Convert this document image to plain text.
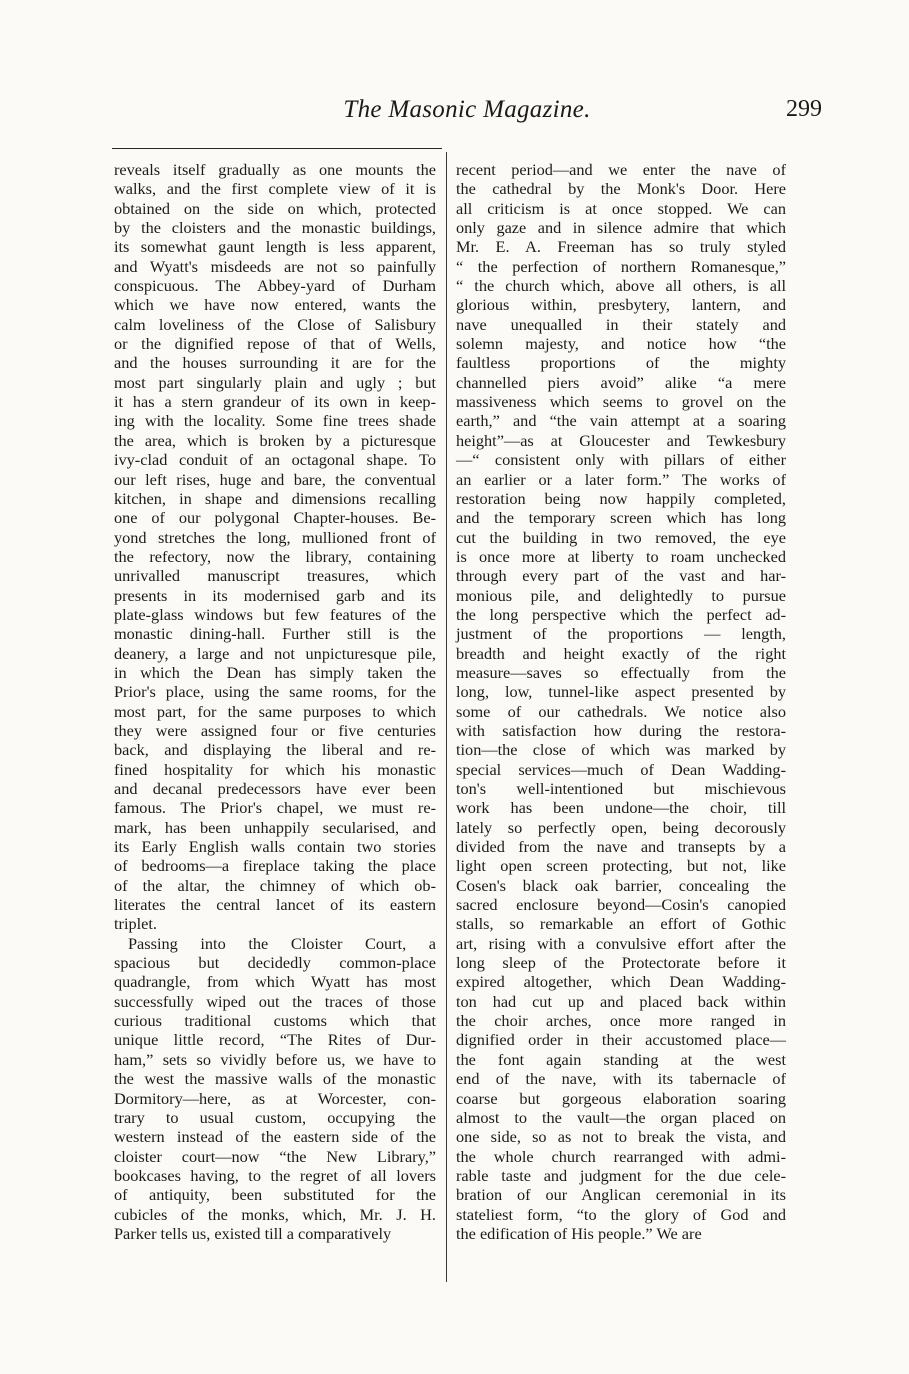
The Masonic Magazine.	299
reveals itself gradually as one mounts the
walks, and the first complete view of it is
obtained on the side on which, protected
by the cloisters and the monastic buildings,
its somewhat gaunt length is less apparent,
and Wyatt's misdeeds are not so painfully
conspicuous. The Abbey-yard of Durham
which we have now entered, wants the
calm loveliness of the Close of Salisbury
or the dignified repose of that of Wells,
and the houses surrounding it are for the
most part singularly plain and ugly ; but
it has a stern grandeur of its own in keep-
ing with the locality. Some fine trees shade
the area, which is broken by a picturesque
ivy-clad conduit of an octagonal shape. To
our left rises, huge and bare, the conventual
kitchen, in shape and dimensions recalling
one of our polygonal Chapter-houses. Be-
yond stretches the long, mullioned front of
the refectory, now the library, containing
unrivalled manuscript treasures, which
presents in its modernised garb and its
plate-glass windows but few features of the
monastic dining-hall. Further still is the
deanery, a large and not unpicturesque pile,
in which the Dean has simply taken the
Prior's place, using the same rooms, for the
most part, for the same purposes to which
they were assigned four or five centuries
back, and displaying the liberal and re-
fined hospitality for which his monastic
and decanal predecessors have ever been
famous. The Prior's chapel, we must re-
mark, has been unhappily secularised, and
its Early English walls contain two stories
of bedrooms—a fireplace taking the place
of the altar, the chimney of which ob-
literates the central lancet of its eastern
triplet.
Passing into the Cloister Court, a
spacious but decidedly common-place
quadrangle, from which Wyatt has most
successfully wiped out the traces of those
curious traditional customs which that
unique little record, “The Rites of Dur-
ham,” sets so vividly before us, we have to
the west the massive walls of the monastic
Dormitory—here, as at Worcester, con-
trary to usual custom, occupying the
western instead of the eastern side of the
cloister court—now “the New Library,”
bookcases having, to the regret of all lovers
of antiquity, been substituted for the
cubicles of the monks, which, Mr. J. H.
Parker tells us, existed till a comparatively
recent period—and we enter the nave of
the cathedral by the Monk's Door. Here
all criticism is at once stopped. We can
only gaze and in silence admire that which
Mr. E. A. Freeman has so truly styled
“ the perfection of northern Romanesque,”
“ the church which, above all others, is all
glorious within, presbytery, lantern, and
nave unequalled in their stately and
solemn majesty, and notice how “the
faultless proportions of the mighty
channelled piers avoid” alike “a mere
massiveness which seems to grovel on the
earth,” and “the vain attempt at a soaring
height”—as at Gloucester and Tewkesbury
—“ consistent only with pillars of either
an earlier or a later form.” The works of
restoration being now happily completed,
and the temporary screen which has long
cut the building in two removed, the eye
is once more at liberty to roam unchecked
through every part of the vast and har-
monious pile, and delightedly to pursue
the long perspective which the perfect ad-
justment of the proportions — length,
breadth and height exactly of the right
measure—saves so effectually from the
long, low, tunnel-like aspect presented by
some of our cathedrals. We notice also
with satisfaction how during the restora-
tion—the close of which was marked by
special services—much of Dean Wadding-
ton's well-intentioned but mischievous
work has been undone—the choir, till
lately so perfectly open, being decorously
divided from the nave and transepts by a
light open screen protecting, but not, like
Cosen's black oak barrier, concealing the
sacred enclosure beyond—Cosin's canopied
stalls, so remarkable an effort of Gothic
art, rising with a convulsive effort after the
long sleep of the Protectorate before it
expired altogether, which Dean Wadding-
ton had cut up and placed back within
the choir arches, once more ranged in
dignified order in their accustomed place—
the font again standing at the west
end of the nave, with its tabernacle of
coarse but gorgeous elaboration soaring
almost to the vault—the organ placed on
one side, so as not to break the vista, and
the whole church rearranged with admi-
rable taste and judgment for the due cele-
bration of our Anglican ceremonial in its
stateliest form, “to the glory of God and
the edification of His people.” We are
